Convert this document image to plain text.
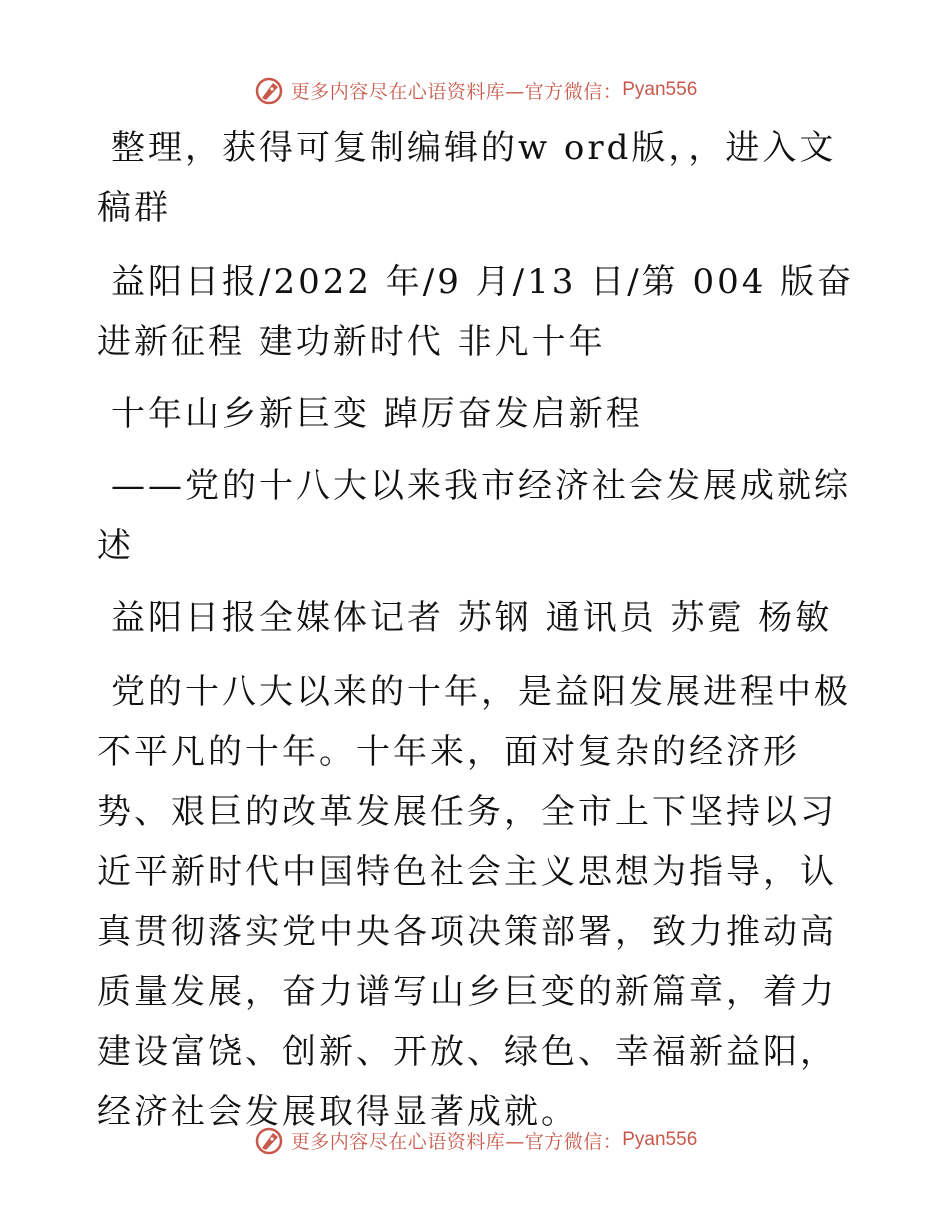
更多内容尽在心语资料库—官方微信： Pyan556

整理，获得可复制编辑的w ord版，，进入文稿群

益阳日报/2022 年/9 月/13 日/第 004 版奋进新征程 建功新时代 非凡十年

十年山乡新巨变 踔厉奋发启新程

——党的十八大以来我市经济社会发展成就综述

益阳日报全媒体记者 苏钢 通讯员 苏霓 杨敏

党的十八大以来的十年，是益阳发展进程中极不平凡的十年。十年来，面对复杂的经济形势、艰巨的改革发展任务，全市上下坚持以习近平新时代中国特色社会主义思想为指导，认真贯彻落实党中央各项决策部署，致力推动高质量发展，奋力谱写山乡巨变的新篇章，着力建设富饶、创新、开放、绿色、幸福新益阳，经济社会发展取得显著成就。

更多内容尽在心语资料库—官方微信： Pyan556
